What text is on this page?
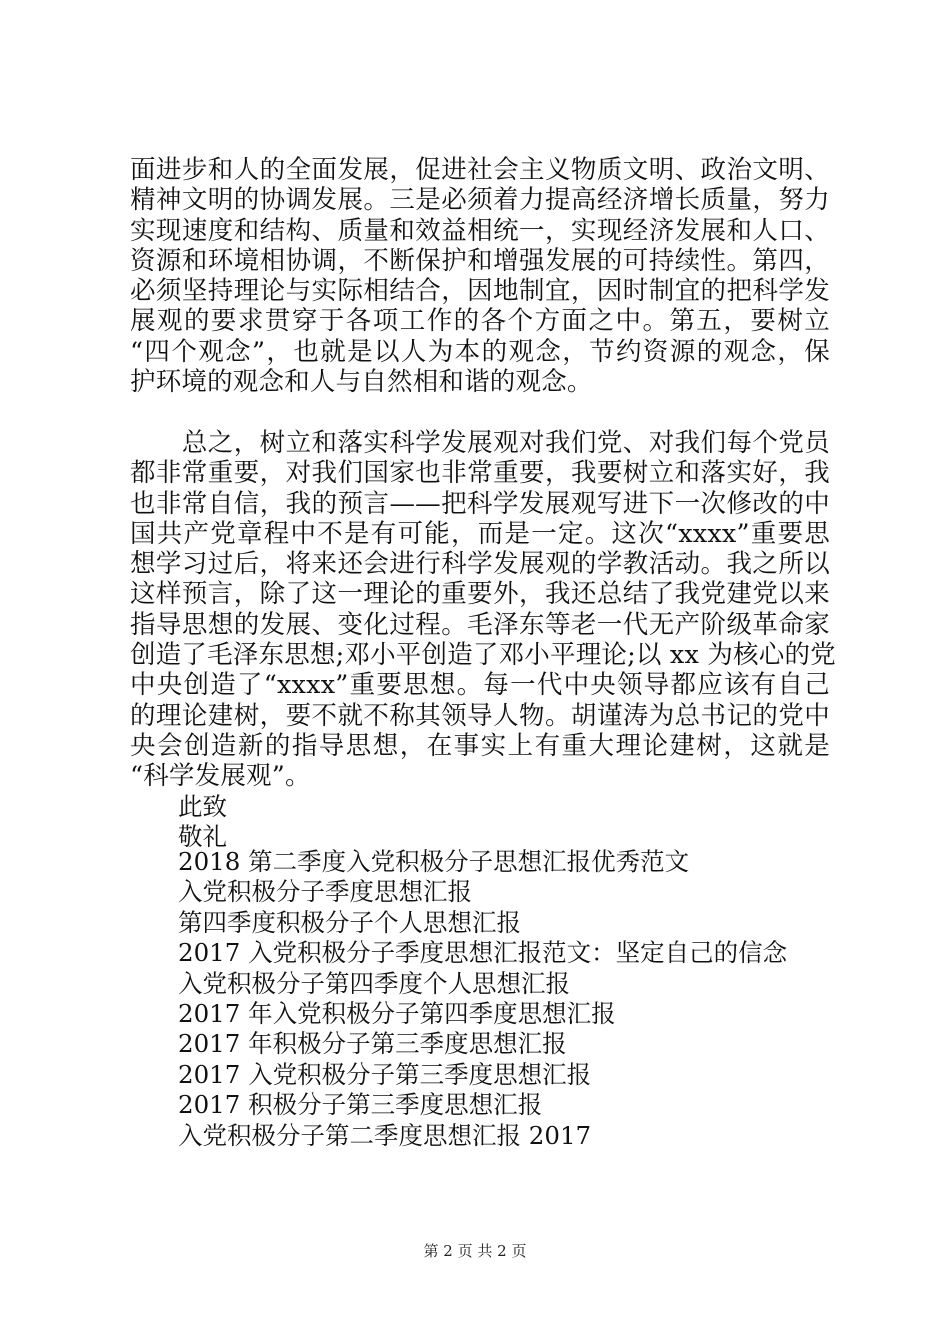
面进步和人的全面发展，促进社会主义物质文明、政治文明、
精神文明的协调发展。三是必须着力提高经济增长质量，努力
实现速度和结构、质量和效益相统一，实现经济发展和人口、
资源和环境相协调，不断保护和增强发展的可持续性。第四，
必须坚持理论与实际相结合，因地制宜，因时制宜的把科学发
展观的要求贯穿于各项工作的各个方面之中。第五，要树立
“四个观念”，也就是以人为本的观念，节约资源的观念，保
护环境的观念和人与自然相和谐的观念。
　　总之，树立和落实科学发展观对我们党、对我们每个党员
都非常重要，对我们国家也非常重要，我要树立和落实好，我
也非常自信，我的预言——把科学发展观写进下一次修改的中
国共产党章程中不是有可能，而是一定。这次“xxxx”重要思
想学习过后，将来还会进行科学发展观的学教活动。我之所以
这样预言，除了这一理论的重要外，我还总结了我党建党以来
指导思想的发展、变化过程。毛泽东等老一代无产阶级革命家
创造了毛泽东思想;邓小平创造了邓小平理论;以 xx 为核心的党
中央创造了“xxxx”重要思想。每一代中央领导都应该有自己
的理论建树，要不就不称其领导人物。胡谨涛为总书记的党中
央会创造新的指导思想，在事实上有重大理论建树，这就是
“科学发展观”。
此致
敬礼
2018 第二季度入党积极分子思想汇报优秀范文
入党积极分子季度思想汇报
第四季度积极分子个人思想汇报
2017 入党积极分子季度思想汇报范文：坚定自己的信念
入党积极分子第四季度个人思想汇报
2017 年入党积极分子第四季度思想汇报
2017 年积极分子第三季度思想汇报
2017 入党积极分子第三季度思想汇报
2017 积极分子第三季度思想汇报
入党积极分子第二季度思想汇报 2017
第 2 页 共 2 页
